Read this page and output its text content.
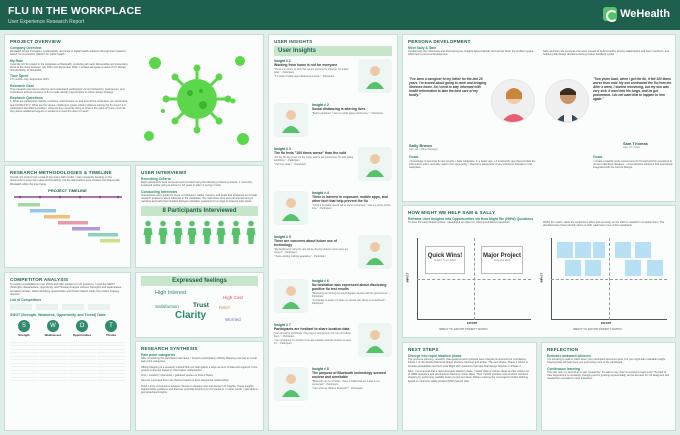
FLU IN THE WORKPLACE
User Experience Research Report
WeHealth
PROJECT OVERVIEW
Company Overview
WeHealth brings innovation, sustainability, and scale to digital health solutions through their research-based communication platform for public health.
My Role
I lead the UX Fu project in the workplace at WeHealth, producing all major deliverables and presenting these to the client between July 2021 and September 2021. I worked alongside a Head of UX Design, Victoria Reilly, at WeHealth.
Time Spent
2.5 months July–September 2021
Research Goal
This research goal was to observe and understand participants' current behaviors, preferences, and motivations around exposure to flu to make identify opportunities to inform design strategy.
Research Questions
1. What are participants' beliefs, emotions, and behavior on and around the workplace, pre-vaccinated, and COVID-19? 2. What are the values, challenges, goals, which problems solving the flu issue? 3. If participants identified a problem, what are they currently doing or what is the value of? How much do they derive additional support or solutions to meet the want or need?
RESEARCH METHODOLOGIES & TIMELINE
Overall, the project took a total of two and a half months. I was constantly iterating on the documents to keep them alive and breathing, but the deliverables were created and shared with WeHealth within the time frame.
PROJECT TIMELINE
COMPETITOR ANALYSIS
To explore possibilities for new efforts and offer solutions to UX problems, I used the SWOT (Strengths, Weaknesses, Opportunity, and Threats) Analysis method. Strengths and weaknesses revealed priorities, while identifying opportunities and threats helped clarify the product strategy direction.
List of Competitors
SWOT (Strength, Weakness, Opportunity, and Threat) Table
S
Strength
W
Weaknesses
O
Opportunities
T
Threats
USER INTERVIEWS
Recruiting Criteria
Eight participants were screened and recruited using the following screening criteria: 1. Currently employed and/or going to school 2. 18 years or older 3. Living in USA
Conducting Interviews
Interviewees were guided to focus on behaviors, habits, barriers, and goals that answered our crucial research questions about influenza in the workplace. The interviews were semi-structured using a narrative approach that included dialogue elicitation questions for a range of relevant topic areas.
8 Participants Interviewed
Expressed feelings
High Interest
High Cost
Satisfaction Trust Relief
Clarity	Worried
RESEARCH SYNTHESIS
Pain point categories
After conducting the participant interviews, I hosted a participatory Affinity Mapping exercise to reveal pain point categories.
Affinity Mapping is a research method that can help gather a large amount of data and organize it into groups or themes based on information relationships.
First, I created 7 interviews, I gathered quotes on Post-it Notes.
Second, I grouped them into themes based on their categorical relationships.
Third, I drew connections between themes to develop new and deeper UX insights. These insights helped define problems and discover potential solutions for UX solutions. In other words, I was able to get behavioral insights.
USER INSIGHTS
User Insights
Insight # 1
Working from home is not for everyone
"There is a culture at work that we are expected to show up. No matter what." - Participant
"It is hard to follow rapid distancing at work." - Participant
Insight # 2
Social distancing is altering lives
"Before pandemic, I went to public places all the time." - Participant
Insight # 3
The flu feels "100 times worse" than the cold
"On the 7th day, it went to the lungs, and he got pneumonia. He was taking antibiotics." - Participant
"I felt very down." - Participant
Insight # 4
There is interest in exposure, mobile apps, and other tech that help prevent the flu
"I think a wearable device will be super convenient. I was my phone all the time." - Participant
Insight # 5
There are concerns about future use of technology
"My likelihood of using the app will be directly related to how many are using it." - Participant
"I have existing multiple wearables." - Participant
Insight # 6
No hesitation was expressed about disclosing positive flu test results
"Disclosing and turning out would happen anyway with the government." - Participant
"Knowledge is power. I'd share my results with others in a heartbeat!" - Participant
Insight # 7
Participants are hesitant to share location data
"I am ok before (GOOGLE. They say it's anonymous, but I do not believe them." - Participant
"I am ok sharing my location if the app explains what the location is used for." - Participant
Insight # 8
The purpose of Bluetooth technology seemed unclear and unreliable
"Bluetooth can be a hassle. I have it malfunctioned, it also is not connected." - Participant
"I do not know. What is Bluetooth?" - Participant
PERSONA DEVELOPMENT
Meet Sally & Sam
Condensing user interviews and discovering key insights helped identify and narrow down the problem space, which led to persona development.
Sally and Sam are personas that were created to build empathy among stakeholders and team members, and helped guide design decisions during product feedback cycles.
"I've been a caregiver to my father for the last 20 years. I'm scared about going to work and bringing illnesses home. So I need to stay informed with health information to take the best care of my family."
Sally Brown
Age: 46 / Office Manager
Goals
• Knowledge of accurate flu test results. • Safe workplace, in a better age. • A trustworthy app that provides the information and is seriously used in her community. • Real-time awareness of any infectious diseases in the workplace.
"Two years back, when I got the flu, it felt 100 times worse than cold. My son contracted the flu from me. After a week, I started recovering, but my son was very sick. It went into his lungs, and he got pneumonia. I do not want that to happen to him again."
Sam Thomas
Age: 37 / Chef
Goals
• Create a healthy work environment for himself and his coworkers to prevent infectious diseases. • Cost-effective solutions that seamlessly integrated with the current lifestyle.
HOW MIGHT WE HELP SAM & SALLY
Reframe User Insights into Opportunities via How Might We (HMW) Questions
To drive the early ideation phase, I developed an object vs. effort prioritization framework.	Within the matrix, ideas are sorted from effort and necessity so the effort is needed to complete them. The identified were those identify where to shift, each last in one of four quadrants.
Quick Wins!
Impact: H, v.h. Effort
Major Project
Long plan effort
IMPACT
EFFORT
IMPACT VS. EFFORT PRIORITY MATRIX
IMPACT
EFFORT
IMPACT VS. EFFORT PRIORITY MATRIX
NEXT STEPS
Diverge into rapid ideation phase
The previous planning, research, data analysis and synthesis were integral components for completing Phase 1 of the Double Diamond design process: discover and define. The next phase, Phase 2 will be to broaden possibilities and find "How Might We" questions that take final design direction in Phase 2.
Next, I recommend that a rapid divergent ideation phase. I would think of various ideas and list written out of HMW questions and assumptions based on those ideas. Then I would prioritize and combine solutions showing by performing usability testing to test our ideas. Before entering the convergent product defining based on minimum viable product (MVP) launch plan.
REFLECTION
Embrace awkward silences
It is tempting to walk in silent when your participant becomes quiet, but you might learn valuable insight. Staying quiet will help keep you examining more of the participant.
Continuous learning
This was only my second as a user researcher. It's safe to say, that I'm excited to learn a lot! The field of User Experience is constantly changing and is growing exponentially, as the demand for UX designers and researchers spreads to more industries.
